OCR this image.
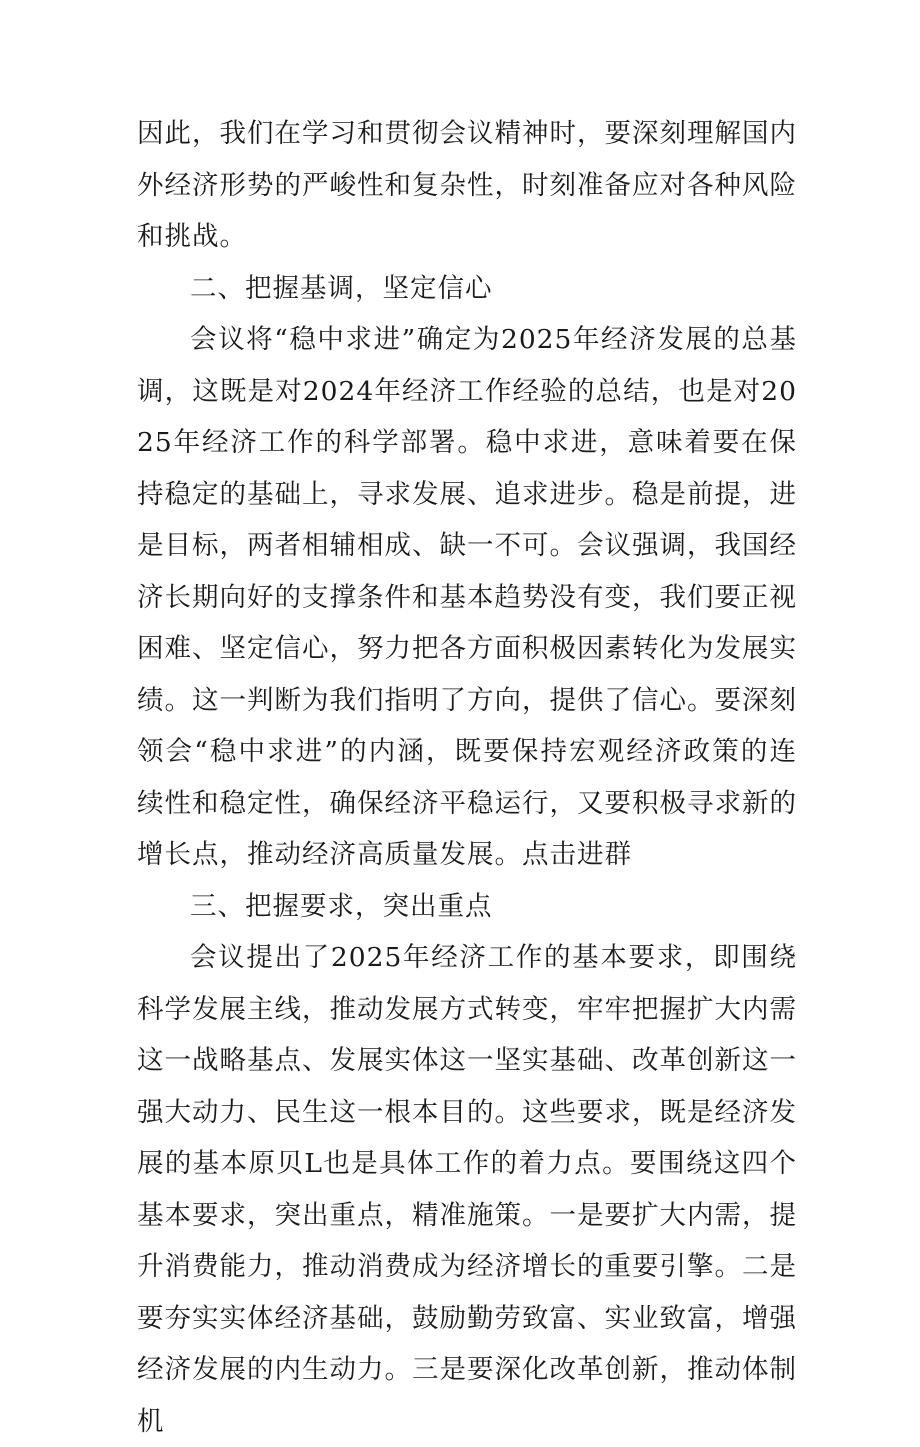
因此，我们在学习和贯彻会议精神时，要深刻理解国内外经济形势的严峻性和复杂性，时刻准备应对各种风险和挑战。

二、把握基调，坚定信心

会议将“稳中求进”确定为2025年经济发展的总基调，这既是对2024年经济工作经验的总结，也是对2025年经济工作的科学部署。稳中求进，意味着要在保持稳定的基础上，寻求发展、追求进步。稳是前提，进是目标，两者相辅相成、缺一不可。会议强调，我国经济长期向好的支撑条件和基本趋势没有变，我们要正视困难、坚定信心，努力把各方面积极因素转化为发展实绩。这一判断为我们指明了方向，提供了信心。要深刻领会“稳中求进”的内涵，既要保持宏观经济政策的连续性和稳定性，确保经济平稳运行，又要积极寻求新的增长点，推动经济高质量发展。点击进群

三、把握要求，突出重点

会议提出了2025年经济工作的基本要求，即围绕科学发展主线，推动发展方式转变，牢牢把握扩大内需这一战略基点、发展实体这一坚实基础、改革创新这一强大动力、民生这一根本目的。这些要求，既是经济发展的基本原贝L也是具体工作的着力点。要围绕这四个基本要求，突出重点，精准施策。一是要扩大内需，提升消费能力，推动消费成为经济增长的重要引擎。二是要夯实实体经济基础，鼓励勤劳致富、实业致富，增强经济发展的内生动力。三是要深化改革创新，推动体制机
